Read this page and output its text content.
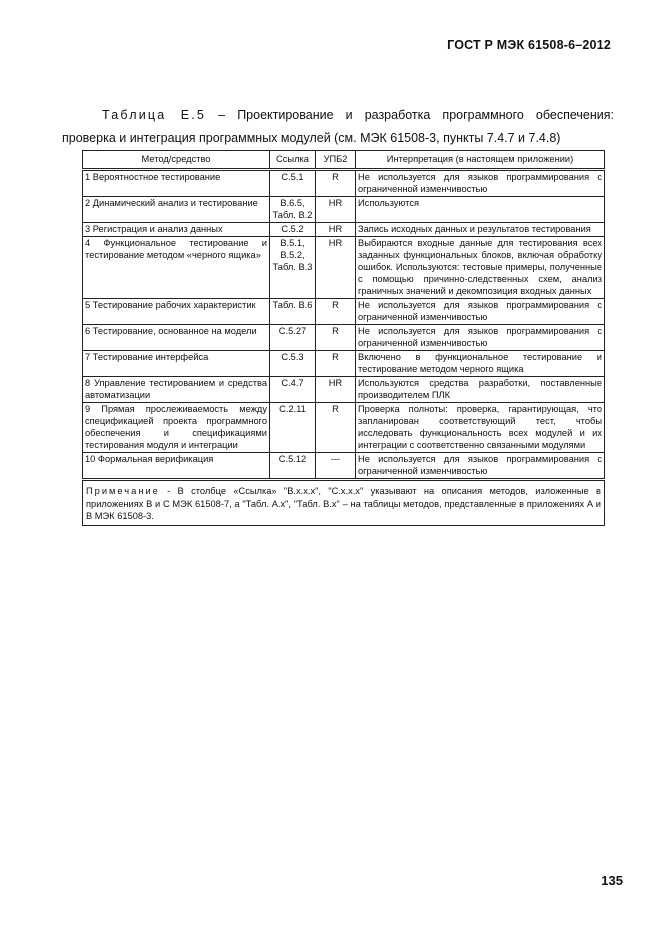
ГОСТ Р МЭК 61508-6–2012
Таблица Е.5 – Проектирование и разработка программного обеспечения:
проверка и интеграция программных модулей (см. МЭК 61508-3, пункты 7.4.7 и 7.4.8)
Метод/средство	Ссылка	УПБ2	Интерпретация (в настоящем приложении)
1 Вероятностное тестирование	С.5.1	R	Не используется для языков программирования с ограниченной изменчивостью
2 Динамический анализ и тестирование	В.6.5, Табл. В.2	HR	Используются
3 Регистрация и анализ данных	С.5.2	HR	Запись исходных данных и результатов тестирования
4 Функциональное тестирование и тестирование методом «черного ящика»	В.5.1, В.5.2, Табл. В.3	HR	Выбираются входные данные для тестирования всех заданных функциональных блоков, включая обработку ошибок. Используются: тестовые примеры, полученные с помощью причинно-следственных схем, анализ граничных значений и декомпозиция входных данных
5 Тестирование рабочих характеристик	Табл. В.6	R	Не используется для языков программирования с ограниченной изменчивостью
6 Тестирование, основанное на модели	С.5.27	R	Не используется для языков программирования с ограниченной изменчивостью
7 Тестирование интерфейса	С.5.3	R	Включено в функциональное тестирование и тестирование методом черного ящика
8 Управление тестированием и средства автоматизации	С.4.7	HR	Используются средства разработки, поставленные производителем ПЛК
9 Прямая прослеживаемость между спецификацией проекта программного обеспечения и спецификациями тестирования модуля и интеграции	С.2.11	R	Проверка полноты: проверка, гарантирующая, что запланирован соответствующий тест, чтобы исследовать функциональность всех модулей и их интеграции с соответственно связанными модулями
10 Формальная верификация	С.5.12	---	Не используется для языков программирования с ограниченной изменчивостью
Примечание - В столбце «Ссылка» "В.х.х.х", "С.х.х.х" указывают на описания методов, изложенные в приложениях В и С МЭК 61508-7, а "Табл. А.х", "Табл. В.х" – на таблицы методов, представленные в приложениях А и В МЭК 61508-3.			
135
